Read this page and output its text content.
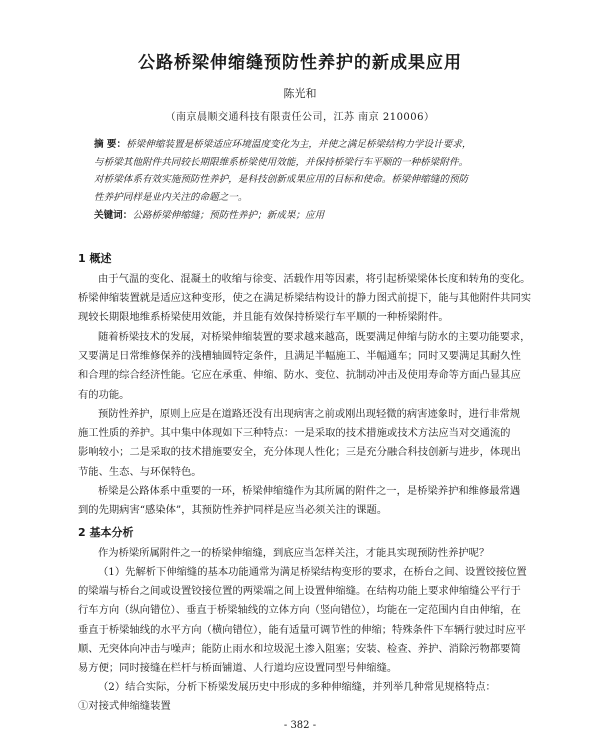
公路桥梁伸缩缝预防性养护的新成果应用
陈光和
（南京晨顺交通科技有限责任公司，江苏 南京 210006）
摘 要：桥梁伸缩装置是桥梁适应环境温度变化为主，并使之满足桥梁结构力学设计要求，
与桥梁其他附件共同较长期限维系桥梁使用效能，并保持桥梁行车平顺的一种桥梁附件。
对桥梁体系有效实施预防性养护，是科技创新成果应用的目标和使命。桥梁伸缩缝的预防
性养护同样是业内关注的命题之一。
关键词：公路桥梁伸缩缝；预防性养护；新成果；应用
1 概述
由于气温的变化、混凝土的收缩与徐变、活载作用等因素，将引起桥梁梁体长度和转角的变化。
桥梁伸缩装置就是适应这种变形，使之在满足桥梁结构设计的静力图式前提下，能与其他附件共同实
现较长期限地维系桥梁使用效能，并且能有效保持桥梁行车平顺的一种桥梁附件。
随着桥梁技术的发展，对桥梁伸缩装置的要求越来越高，既要满足伸缩与防水的主要功能要求，
又要满足日常维修保养的浅槽轴圆特定条件，且满足半幅施工、半幅通车；同时又要满足其耐久性
和合理的综合经济性能。它应在承重、伸缩、防水、变位、抗制动冲击及使用寿命等方面凸显其应
有的功能。
预防性养护，原则上应是在道路还没有出现病害之前或刚出现轻微的病害迹象时，进行非常规
施工性质的养护。其中集中体现如下三种特点：一是采取的技术措施或技术方法应当对交通流的
影响较小；二是采取的技术措施要安全，充分体现人性化；三是充分融合科技创新与进步，体现出
节能、生态、与环保特色。
桥梁是公路体系中重要的一环，桥梁伸缩缝作为其所属的附件之一，是桥梁养护和维修最常遇
到的先期病害“感染体”，其预防性养护同样是应当必须关注的课题。
2 基本分析
作为桥梁所属附件之一的桥梁伸缩缝，到底应当怎样关注，才能具实现预防性养护呢？
（1）先解析下伸缩缝的基本功能通常为满足桥梁结构变形的要求，在桥台之间、设置铰接位置
的梁端与桥台之间或设置铰接位置的两梁端之间上设置伸缩缝。在结构功能上要求伸缩缝公平行于
行车方向（纵向错位）、垂直于桥梁轴线的立体方向（竖向错位），均能在一定范围内自由伸缩，在
垂直于桥梁轴线的水平方向（横向错位），能有适量可调节性的伸缩；特殊条件下车辆行驶过时应平
顺、无突体向冲击与噪声；能防止雨水和垃圾泥土渗入阻塞；安装、检查、养护、消除污物都要简
易方便；同时接缝在栏杆与桥面铺道、人行道均应设置同型号伸缩缝。
（2）结合实际，分析下桥梁发展历史中形成的多种伸缩缝，并列举几种常见规格特点：
①对接式伸缩缝装置
- 382 -
